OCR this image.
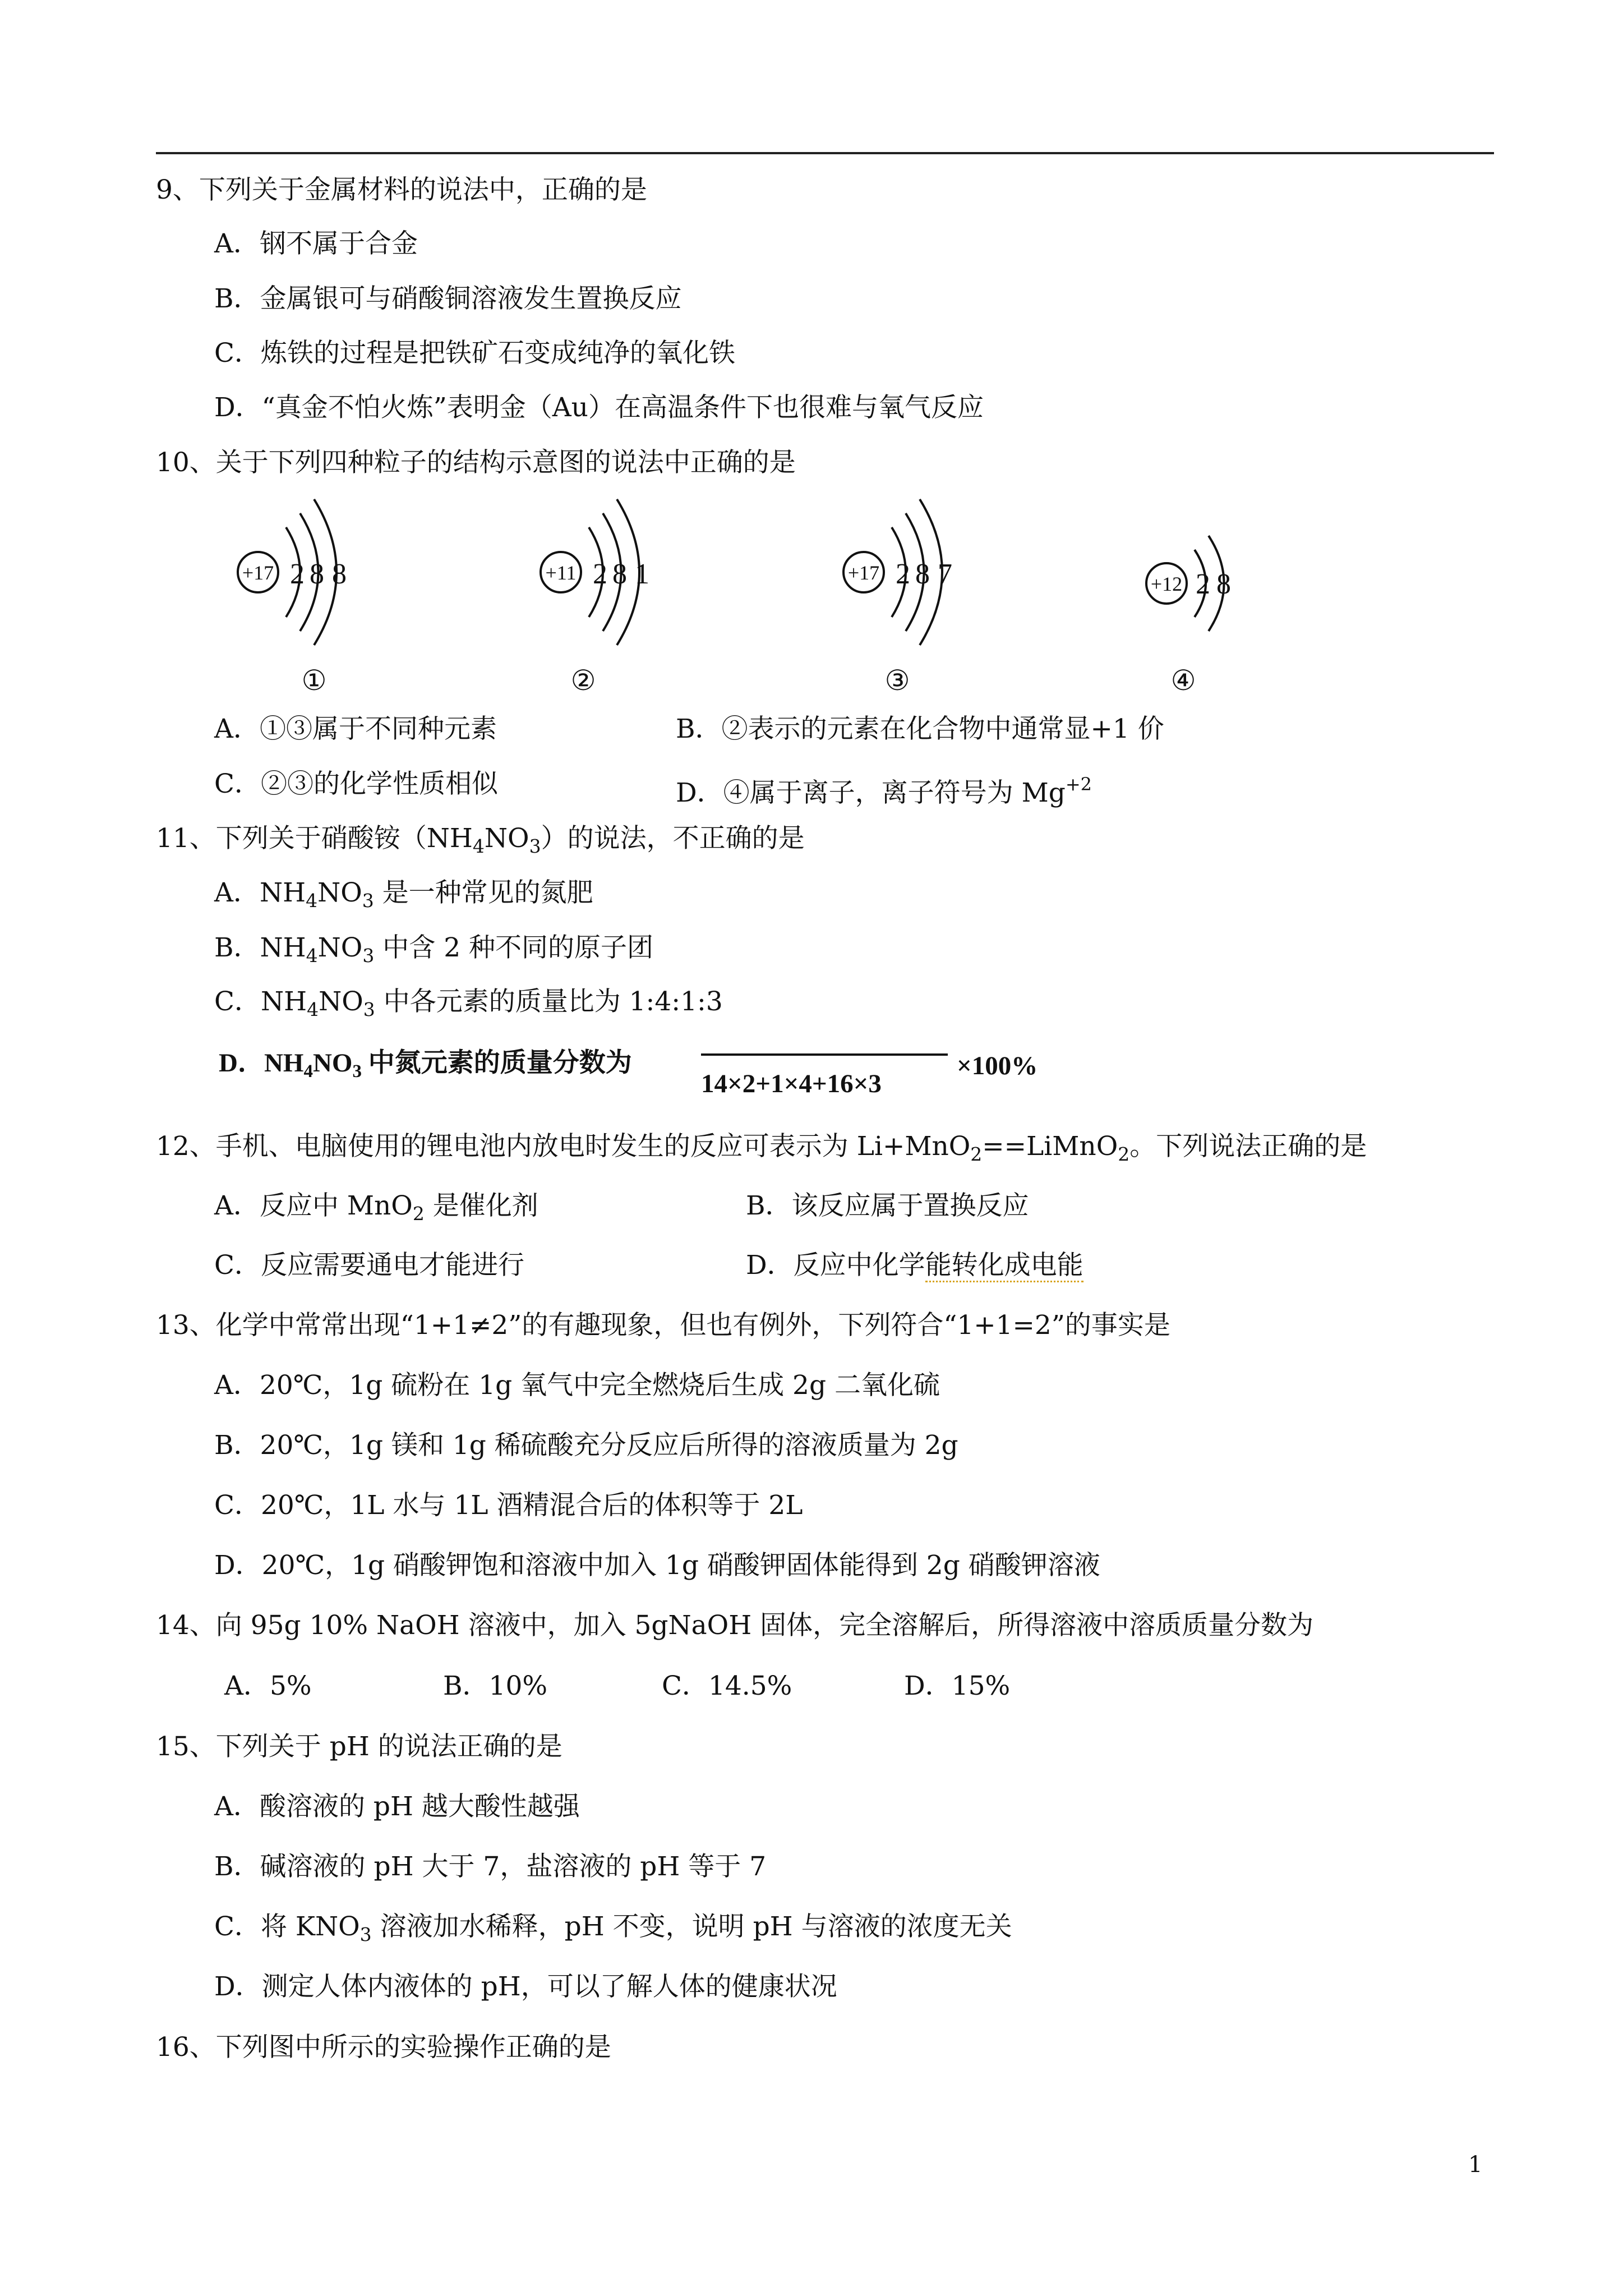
9、下列关于金属材料的说法中，正确的是
A．钢不属于合金
B．金属银可与硝酸铜溶液发生置换反应
C．炼铁的过程是把铁矿石变成纯净的氧化铁
D．“真金不怕火炼”表明金（Au）在高温条件下也很难与氧气反应
10、关于下列四种粒子的结构示意图的说法中正确的是
+17 2 8 8
①
+11 2 8 1
②
+17 2 8 7
③
+12 2 8
④
A．①③属于不同种元素	B．②表示的元素在化合物中通常显+1 价
C．②③的化学性质相似	D．④属于离子，离子符号为 $Mg^{+2}$
11、下列关于硝酸铵$(NH_4NO_3)$的说法，不正确的是
A．$NH_4NO_3$ 是一种常见的氮肥
B．$NH_4NO_3$ 中含 2 种不同的原子团
C．$NH_4NO_3$ 中各元素的质量比为 1:4:1:3
D．$NH_4NO_3$ 中氮元素的质量分数为
14×2+1×4+16×3
×100%
12、手机、电脑使用的锂电池内放电时发生的反应可表示为 Li+MnO$_2$==LiMnO$_2$。下列说法正确的是
A．反应中 MnO$_2$ 是催化剂	B．该反应属于置换反应
C．反应需要通电才能进行	D．反应中化学能转化成电能
13、化学中常常出现“1+1≠2”的有趣现象，但也有例外，下列符合“1+1=2”的事实是
A．20℃，1g 硫粉在 1g 氧气中完全燃烧后生成 2g 二氧化硫
B．20℃，1g 镁和 1g 稀硫酸充分反应后所得的溶液质量为 2g
C．20℃，1L 水与 1L 酒精混合后的体积等于 2L
D．20℃，1g 硝酸钾饱和溶液中加入 1g 硝酸钾固体能得到 2g 硝酸钾溶液
14、向 95g 10% NaOH 溶液中，加入 5gNaOH 固体，完全溶解后，所得溶液中溶质质量分数为
A．5%	B．10%	C．14.5%	D．15%
15、下列关于 pH 的说法正确的是
A．酸溶液的 pH 越大酸性越强
B．碱溶液的 pH 大于 7，盐溶液的 pH 等于 7
C．将 $KNO_3$ 溶液加水稀释，pH 不变，说明 pH 与溶液的浓度无关
D．测定人体内液体的 pH，可以了解人体的健康状况
16、下列图中所示的实验操作正确的是
1
